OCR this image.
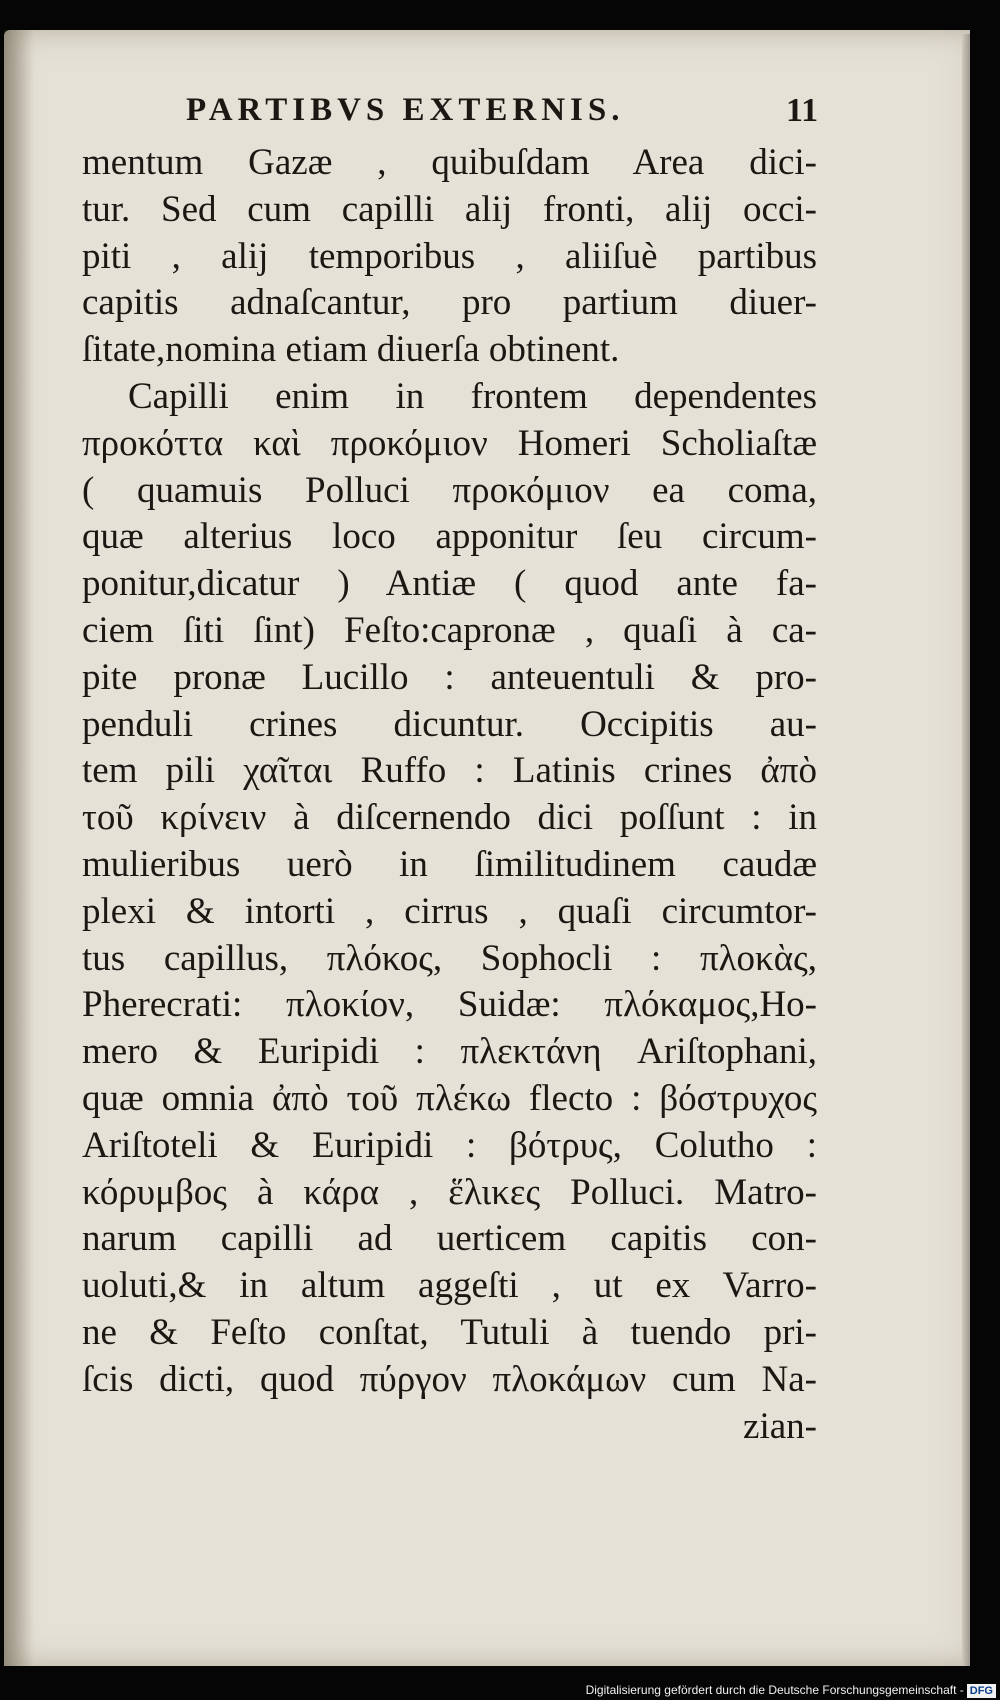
PARTIBVS EXTERNIS.	11
mentum Gazæ , quibuſdam Area dici-
tur. Sed cum capilli alij fronti, alij occi-
piti , alij temporibus , aliiſuè partibus
capitis adnaſcantur, pro partium diuer-
ſitate,nomina etiam diuerſa obtinent.
Capilli enim in frontem dependentes
προκόττα καὶ προκόμιον Homeri Scholiaſtæ
( quamuis Polluci προκόμιον ea coma,
quæ alterius loco apponitur ſeu circum-
ponitur,dicatur ) Antiæ ( quod ante fa-
ciem ſiti ſint) Feſto:capronæ , quaſi à ca-
pite pronæ Lucillo : anteuentuli & pro-
penduli crines dicuntur. Occipitis au-
tem pili χαῖται Ruffo : Latinis crines ἀπὸ
τοῦ κρίνειν à diſcernendo dici poſſunt : in
mulieribus uerò in ſimilitudinem caudæ
plexi & intorti , cirrus , quaſi circumtor-
tus capillus, πλόκος, Sophocli : πλοκὰς,
Pherecrati: πλοκίον, Suidæ: πλόκαμος,Ho-
mero & Euripidi : πλεκτάνη Ariſtophani,
quæ omnia ἀπὸ τοῦ πλέκω flecto : βόστρυχος
Ariſtoteli & Euripidi : βότρυς, Colutho :
κόρυμβος à κάρα , ἕλικες Polluci. Matro-
narum capilli ad uerticem capitis con-
uoluti,& in altum aggeſti , ut ex Varro-
ne & Feſto conſtat, Tutuli à tuendo pri-
ſcis dicti, quod πύργον πλοκάμων cum Na-
zian-
Digitalisierung gefördert durch die Deutsche Forschungsgemeinschaft - DFG
